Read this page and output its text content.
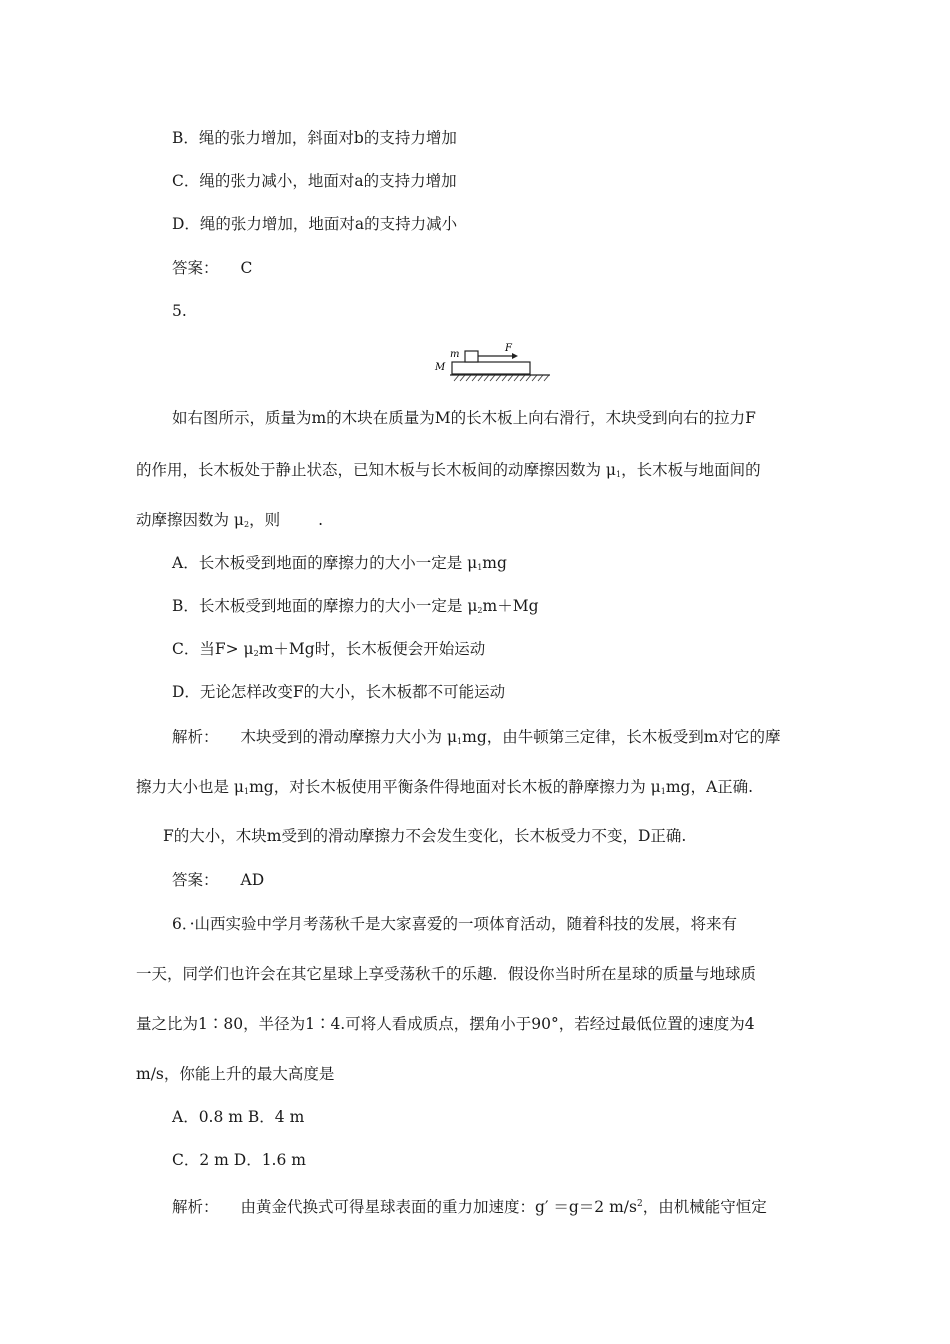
B．绳的张力增加，斜面对b的支持力增加
C．绳的张力减小，地面对a的支持力增加
D．绳的张力增加，地面对a的支持力减小
答案： C
5.
m
F
M
如右图所示，质量为m的木块在质量为M的长木板上向右滑行，木块受到向右的拉力F
的作用，长木板处于静止状态，已知木板与长木板间的动摩擦因数为 $\mu_1$，长木板与地面间的
动摩擦因数为 $\mu_2$，则 .
A．长木板受到地面的摩擦力的大小一定是 $\mu_1mg$
B．长木板受到地面的摩擦力的大小一定是 $\mu_2m+Mg$
C．当$F> \mu_2m+Mg$时，长木板便会开始运动
D．无论怎样改变F的大小，长木板都不可能运动
解析： 木块受到的滑动摩擦力大小为 $\mu_1mg$，由牛顿第三定律，长木板受到m对它的摩
擦力大小也是 $\mu_1mg$，对长木板使用平衡条件得地面对长木板的静摩擦力为 $\mu_1mg$，A正确.
F的大小，木块m受到的滑动摩擦力不会发生变化，长木板受力不变，D正确.
答案： AD
6．·山西实验中学月考荡秋千是大家喜爱的一项体育活动，随着科技的发展，将来有
一天，同学们也许会在其它星球上享受荡秋千的乐趣．假设你当时所在星球的质量与地球质
量之比为1∶80，半径为1∶4.可将人看成质点，摆角小于90°，若经过最低位置的速度为4
m/s，你能上升的最大高度是
A．0.8 m B．4 m
C．2 m D．1.6 m
解析： 由黄金代换式可得星球表面的重力加速度：g′ ＝g＝2 $m/s^2$，由机械能守恒定
